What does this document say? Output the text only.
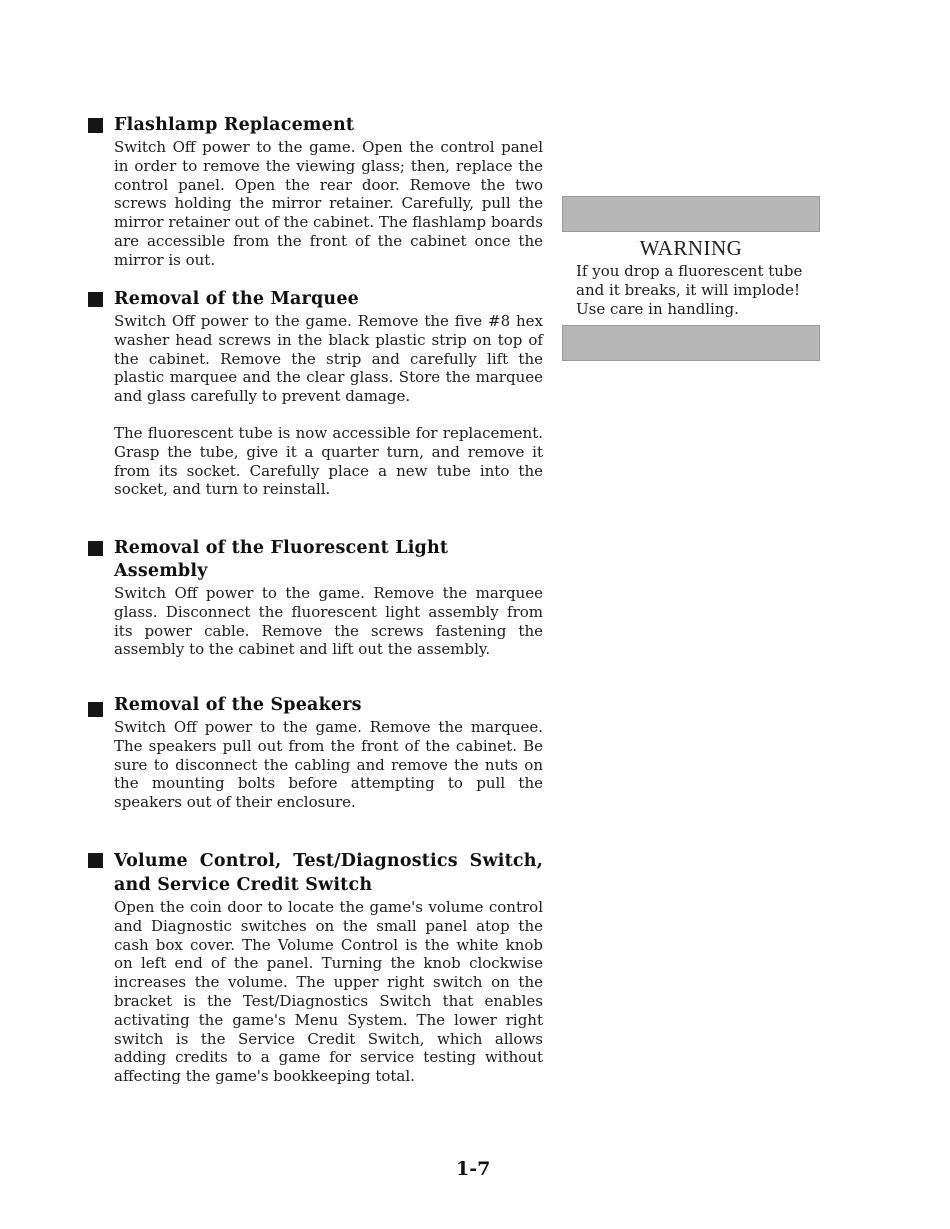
Flashlamp Replacement

Switch Off power to the game. Open the control panel in order to remove the viewing glass; then, replace the control panel. Open the rear door. Remove the two screws holding the mirror retainer. Carefully, pull the mirror retainer out of the cabinet. The flashlamp boards are accessible from the front of the cabinet once the mirror is out.

Removal of the Marquee

Switch Off power to the game. Remove the five #8 hex washer head screws in the black plastic strip on top of the cabinet. Remove the strip and carefully lift the plastic marquee and the clear glass. Store the marquee and glass carefully to prevent damage.

The fluorescent tube is now accessible for replacement. Grasp the tube, give it a quarter turn, and remove it from its socket. Carefully place a new tube into the socket, and turn to reinstall.

Removal of the Fluorescent Light Assembly

Switch Off power to the game. Remove the marquee glass. Disconnect the fluorescent light assembly from its power cable. Remove the screws fastening the assembly to the cabinet and lift out the assembly.

Removal of the Speakers

Switch Off power to the game. Remove the marquee. The speakers pull out from the front of the cabinet. Be sure to disconnect the cabling and remove the nuts on the mounting bolts before attempting to pull the speakers out of their enclosure.

Volume Control, Test/Diagnostics Switch, and Service Credit Switch

Open the coin door to locate the game's volume control and Diagnostic switches on the small panel atop the cash box cover. The Volume Control is the white knob on left end of the panel. Turning the knob clockwise increases the volume. The upper right switch on the bracket is the Test/Diagnostics Switch that enables activating the game's Menu System. The lower right switch is the Service Credit Switch, which allows adding credits to a game for service testing without affecting the game's bookkeeping total.

WARNING

If you drop a fluorescent tube and it breaks, it will implode! Use care in handling.

1-7
